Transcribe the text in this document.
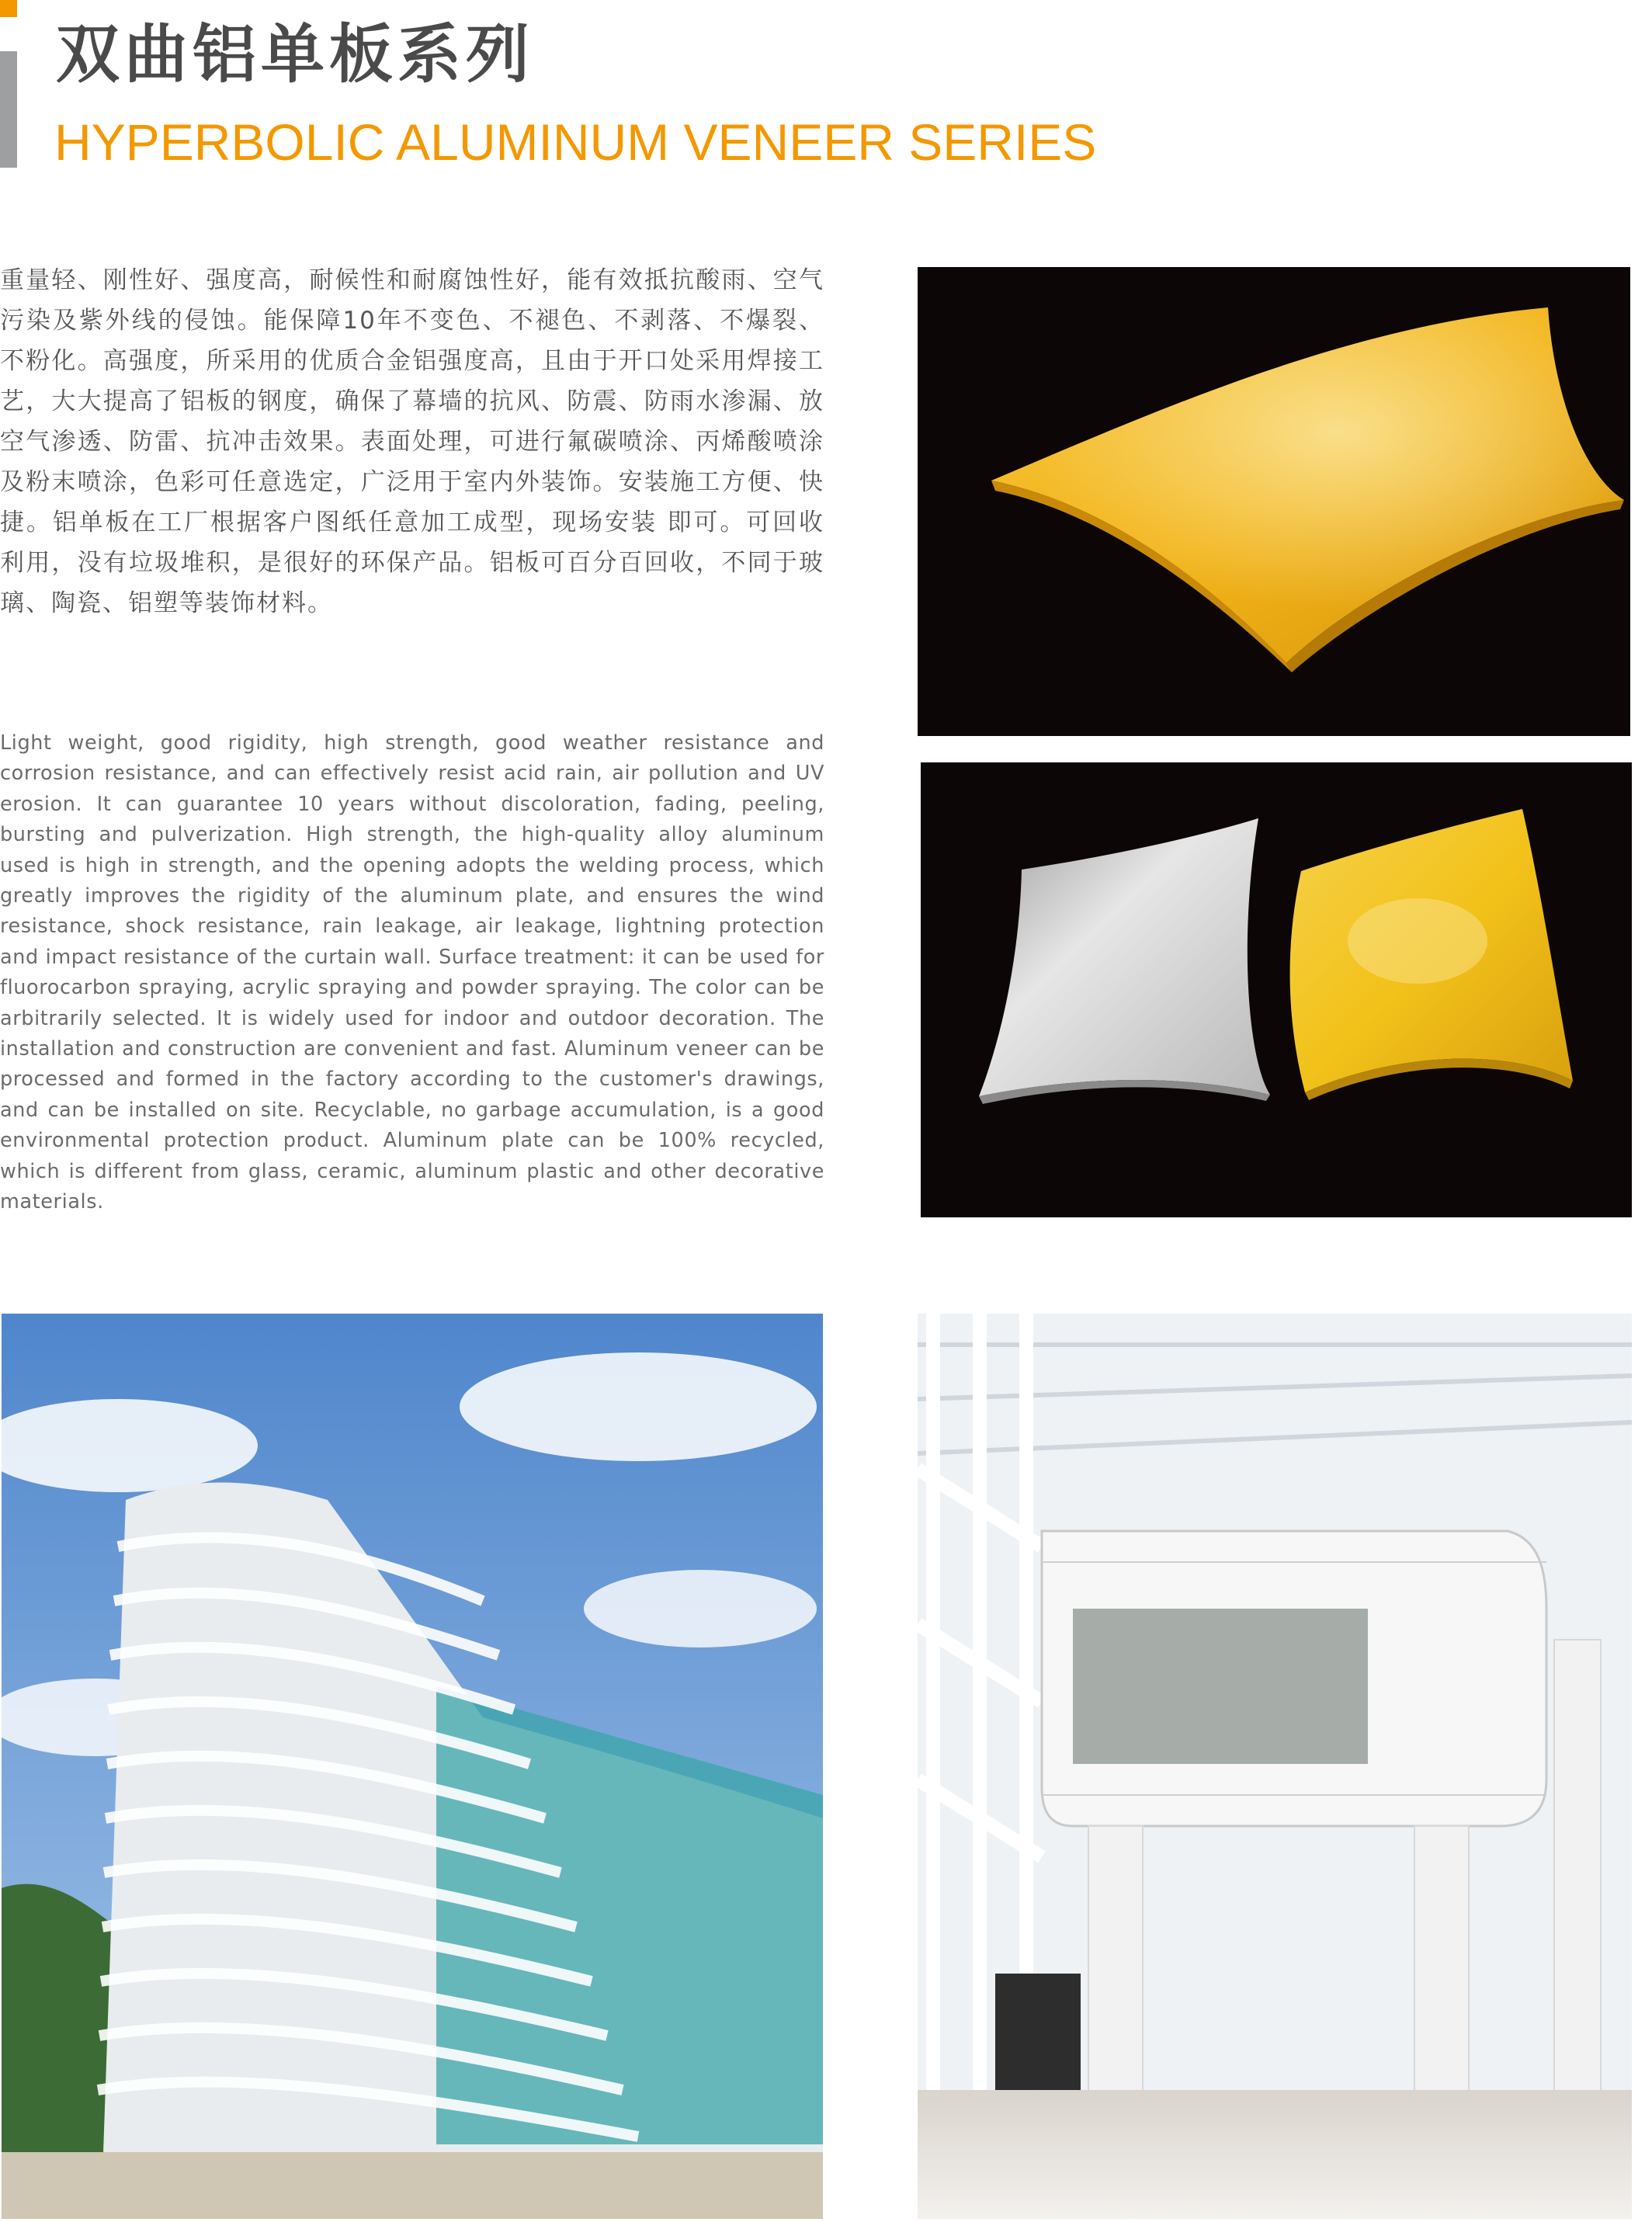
双曲铝单板系列
HYPERBOLIC ALUMINUM VENEER SERIES
重量轻、刚性好、强度高，耐候性和耐腐蚀性好，能有效抵抗酸雨、空气污染及紫外线的侵蚀。能保障10年不变色、不褪色、不剥落、不爆裂、不粉化。高强度，所采用的优质合金铝强度高，且由于开口处采用焊接工艺，大大提高了铝板的钢度，确保了幕墙的抗风、防震、防雨水渗漏、放空气渗透、防雷、抗冲击效果。表面处理，可进行氟碳喷涂、丙烯酸喷涂及粉末喷涂，色彩可任意选定，广泛用于室内外装饰。安装施工方便、快捷。铝单板在工厂根据客户图纸任意加工成型，现场安装 即可。可回收利用，没有垃圾堆积，是很好的环保产品。铝板可百分百回收，不同于玻璃、陶瓷、铝塑等装饰材料。
Light weight, good rigidity, high strength, good weather resistance and corrosion resistance, and can effectively resist acid rain, air pollution and UV erosion. It can guarantee 10 years without discoloration, fading, peeling, bursting and pulverization. High strength, the high-quality alloy aluminum used is high in strength, and the opening adopts the welding process, which greatly improves the rigidity of the aluminum plate, and ensures the wind resistance, shock resistance, rain leakage, air leakage, lightning protection and impact resistance of the curtain wall. Surface treatment: it can be used for fluorocarbon spraying, acrylic spraying and powder spraying. The color can be arbitrarily selected. It is widely used for indoor and outdoor decoration. The installation and construction are convenient and fast. Aluminum veneer can be processed and formed in the factory according to the customer's drawings, and can be installed on site. Recyclable, no garbage accumulation, is a good environmental protection product. Aluminum plate can be 100% recycled, which is different from glass, ceramic, aluminum plastic and other decorative materials.
